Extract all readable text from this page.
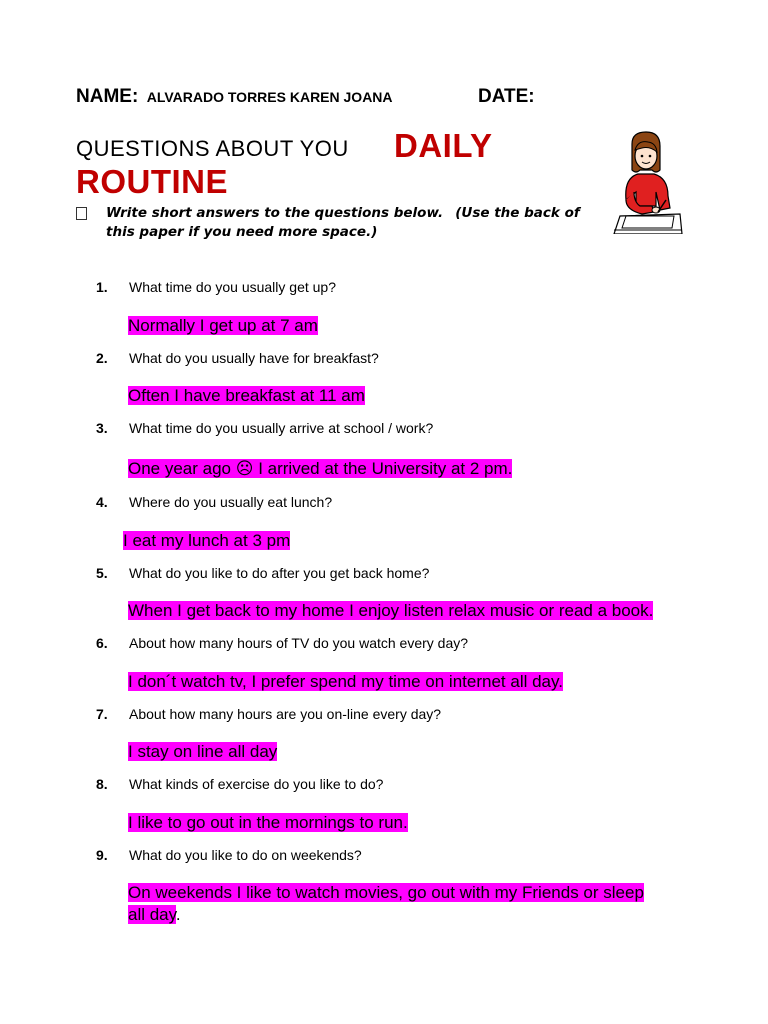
NAME: ALVARADO TORRES KAREN JOANA	DATE:
QUESTIONS ABOUT YOU DAILY
ROUTINE
Write short answers to the questions below. (Use the back of
this paper if you need more space.)
1. What time do you usually get up?
Normally I get up at 7 am
2. What do you usually have for breakfast?
Often I have breakfast at 11 am
3. What time do you usually arrive at school / work?
One year ago ☹ I arrived at the University at 2 pm.
4. Where do you usually eat lunch?
I eat my lunch at 3 pm
5. What do you like to do after you get back home?
When I get back to my home I enjoy listen relax music or read a book.
6. About how many hours of TV do you watch every day?
I don´t watch tv, I prefer spend my time on internet all day.
7. About how many hours are you on-line every day?
I stay on line all day
8. What kinds of exercise do you like to do?
I like to go out in the mornings to run.
9. What do you like to do on weekends?
On weekends I like to watch movies, go out with my Friends or sleep
all day.
